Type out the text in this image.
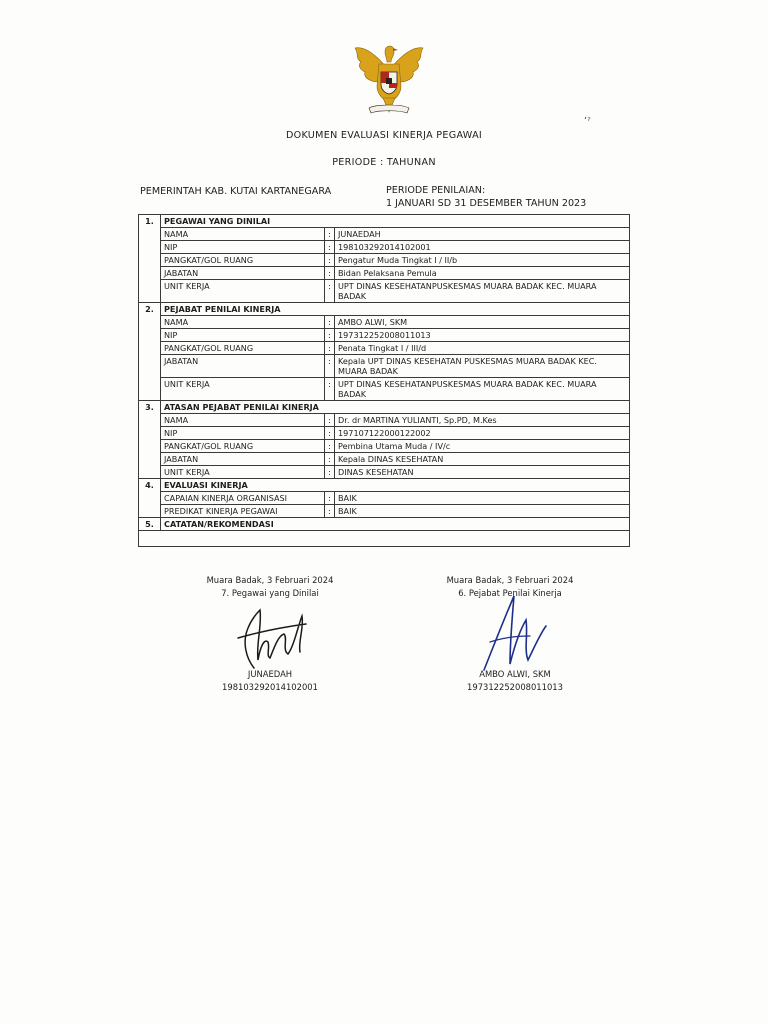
ʻˀ
DOKUMEN EVALUASI KINERJA PEGAWAI
PERIODE : TAHUNAN
PEMERINTAH KAB. KUTAI KARTANEGARA	PERIODE PENILAIAN:
1 JANUARI SD 31 DESEMBER TAHUN 2023
1.	PEGAWAI YANG DINILAI		
	NAMA	:	JUNAEDAH
	NIP	:	198103292014102001
	PANGKAT/GOL RUANG	:	Pengatur Muda Tingkat I / II/b
	JABATAN	:	Bidan Pelaksana Pemula
	UNIT KERJA	:	UPT DINAS KESEHATANPUSKESMAS MUARA BADAK KEC. MUARA BADAK
2.	PEJABAT PENILAI KINERJA		
	NAMA	:	AMBO ALWI, SKM
	NIP	:	197312252008011013
	PANGKAT/GOL RUANG	:	Penata Tingkat I / III/d
	JABATAN	:	Kepala UPT DINAS KESEHATAN PUSKESMAS MUARA BADAK KEC. MUARA BADAK
	UNIT KERJA	:	UPT DINAS KESEHATANPUSKESMAS MUARA BADAK KEC. MUARA BADAK
3.	ATASAN PEJABAT PENILAI KINERJA		
	NAMA	:	Dr. dr MARTINA YULIANTI, Sp.PD, M.Kes
	NIP	:	197107122000122002
	PANGKAT/GOL RUANG	:	Pembina Utama Muda / IV/c
	JABATAN	:	Kepala DINAS KESEHATAN
	UNIT KERJA	:	DINAS KESEHATAN
4.	EVALUASI KINERJA		
	CAPAIAN KINERJA ORGANISASI	:	BAIK
	PREDIKAT KINERJA PEGAWAI	:	BAIK
5.	CATATAN/REKOMENDASI		

Muara Badak, 3 Februari 2024
7. Pegawai yang Dinilai
JUNAEDAH
198103292014102001
Muara Badak, 3 Februari 2024
6. Pejabat Penilai Kinerja
AMBO ALWI, SKM
197312252008011013
